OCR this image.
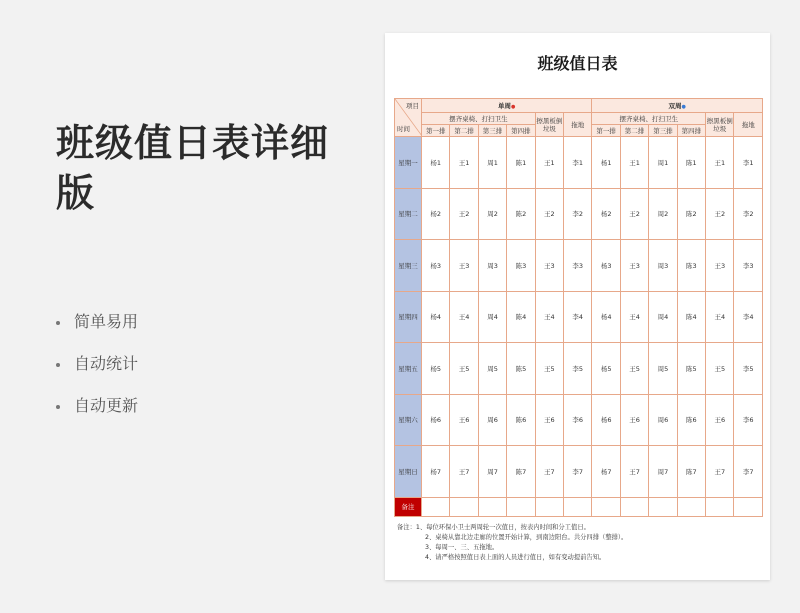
班级值日表详细版
简单易用
自动统计
自动更新
班级值日表
项目
时间	单周●						双周●					
	摆齐桌椅、打扫卫生				擦黑板倒垃圾	拖地	摆齐桌椅、打扫卫生				擦黑板倒垃圾	拖地
	第一排	第二排	第三排	第四排			第一排	第二排	第三排	第四排		
星期一	杨1	王1	周1	陈1	王1	李1	杨1	王1	周1	陈1	王1	李1
星期二	杨2	王2	周2	陈2	王2	李2	杨2	王2	周2	陈2	王2	李2
星期三	杨3	王3	周3	陈3	王3	李3	杨3	王3	周3	陈3	王3	李3
星期四	杨4	王4	周4	陈4	王4	李4	杨4	王4	周4	陈4	王4	李4
星期五	杨5	王5	周5	陈5	王5	李5	杨5	王5	周5	陈5	王5	李5
星期六	杨6	王6	周6	陈6	王6	李6	杨6	王6	周6	陈6	王6	李6
星期日	杨7	王7	周7	陈7	王7	李7	杨7	王7	周7	陈7	王7	李7
备注												
备注：1、每位环保小卫士两周轮一次值日，按表内时间和分工值日。
2、桌椅从靠北边走廊的位置开始计算，到南边阳台。共分四排（整排）。
3、每周一、三、五拖地。
4、请严格按照值日表上面的人员进行值日，如有变动提前告知。
